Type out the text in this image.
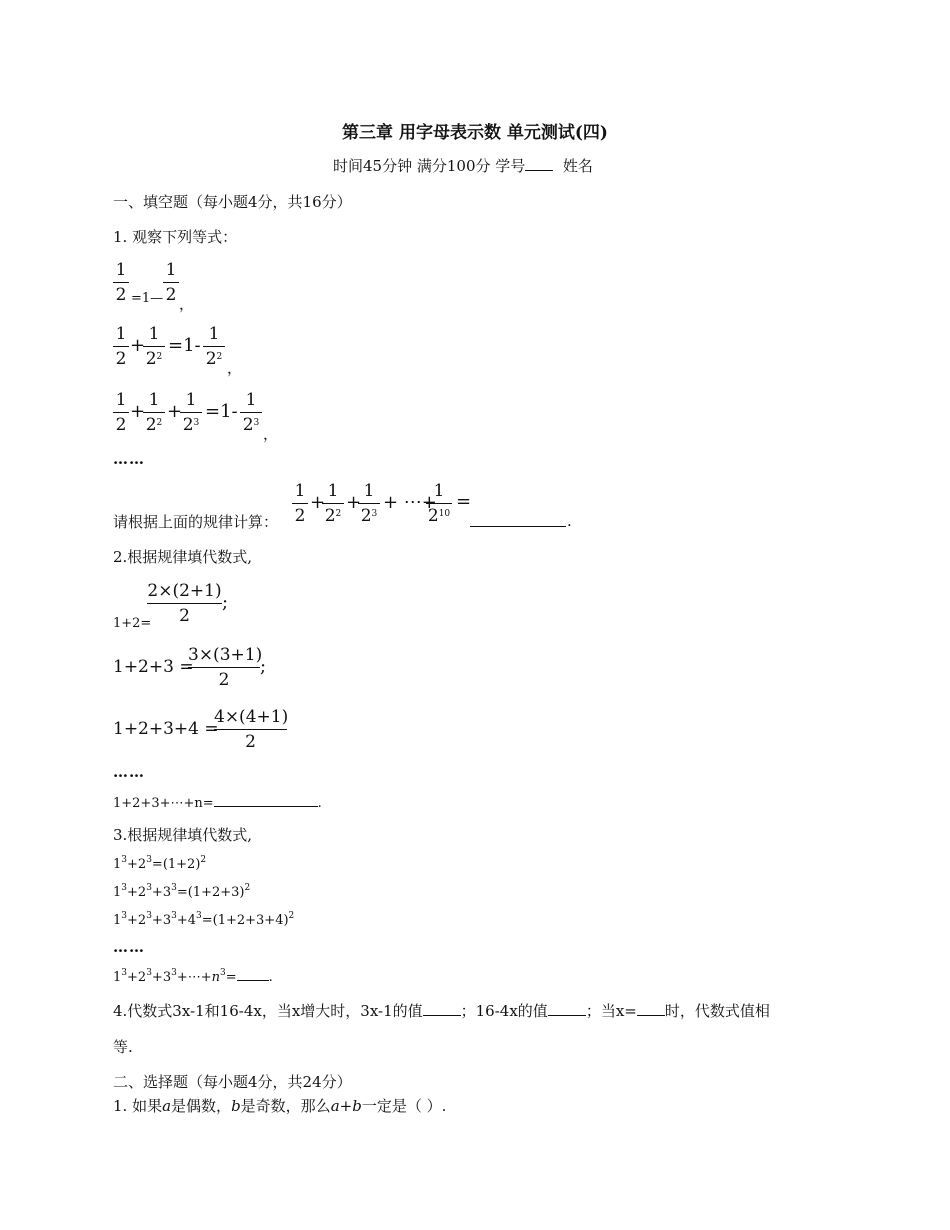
第三章 用字母表示数 单元测试(四)
时间45分钟 满分100分 学号	姓名
一、填空题（每小题4分，共16分）
1. 观察下列等式：
1
2 =1—
1
2 ，
1
2
+
1
$2^2$
=1-
1
$2^2$
，
1
2
+
1
$2^2$
+
1
$2^3$
=1-
1
$2^3$
，
……
请根据上面的规律计算：
1
2
+
1
$2^2$
+
1
$2^3$
+ ⋯+
1
$2^{10}$
=
.
2.根据规律填代数式,
1+2=
2×(2+1)
2
;
1+2+3 =
3×(3+1)
2
;
1+2+3+4 =
4×(4+1)
2
……
1+2+3+⋯+n=	.
3.根据规律填代数式,
$1^3+2^3=(1+2)^2$
$1^3+2^3+3^3=(1+2+3)^2$
$1^3+2^3+3^3+4^3=(1+2+3+4)^2$
……
$1^3+2^3+3^3+\cdots+n^3=$ .
4.代数式3x-1和16-4x，当x增大时，3x-1的值	；16-4x的值	；当x= 时，代数式值相
等.
二、选择题（每小题4分，共24分）
1. 如果a是偶数，b是奇数，那么a+b一定是（ ）.
